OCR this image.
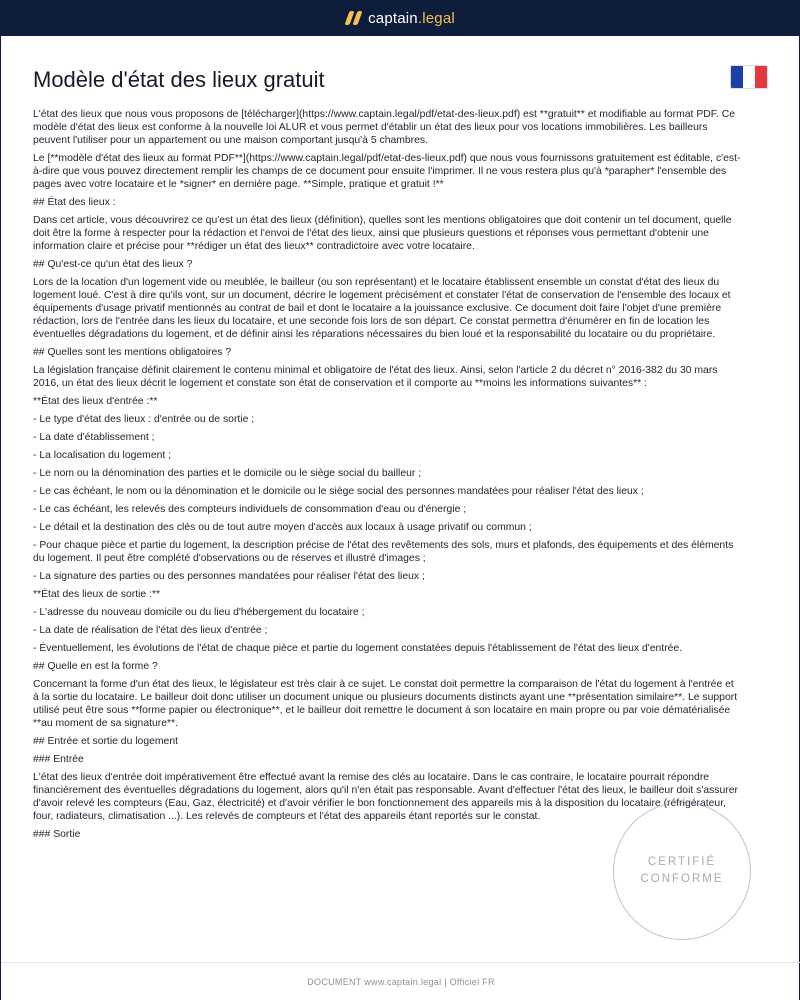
captain.legal
Modèle d'état des lieux gratuit

L'état des lieux que nous vous proposons de [télécharger](https://www.captain.legal/pdf/etat-des-lieux.pdf) est **gratuit** et modifiable au format PDF. Ce modèle d'état des lieux est conforme à la nouvelle loi ALUR et vous permet d'établir un état des lieux pour vos locations immobilières. Les bailleurs peuvent l'utiliser pour un appartement ou une maison comportant jusqu'à 5 chambres.

Le [**modèle d'état des lieux au format PDF**](https://www.captain.legal/pdf/etat-des-lieux.pdf) que nous vous fournissons gratuitement est éditable, c'est-à-dire que vous pouvez directement remplir les champs de ce document pour ensuite l'imprimer. Il ne vous restera plus qu'à *parapher* l'ensemble des pages avec votre locataire et le *signer* en dernière page. **Simple, pratique et gratuit !**

## État des lieux :

Dans cet article, vous découvrirez ce qu'est un état des lieux (définition), quelles sont les mentions obligatoires que doit contenir un tel document, quelle doit être la forme à respecter pour la rédaction et l'envoi de l'état des lieux, ainsi que plusieurs questions et réponses vous permettant d'obtenir une information claire et précise pour **rédiger un état des lieux** contradictoire avec votre locataire.

## Qu'est-ce qu'un état des lieux ?

Lors de la location d'un logement vide ou meublée, le bailleur (ou son représentant) et le locataire établissent ensemble un constat d'état des lieux du logement loué. C'est à dire qu'ils vont, sur un document, décrire le logement précisément et constater l'état de conservation de l'ensemble des locaux et équipements d'usage privatif mentionnés au contrat de bail et dont le locataire a la jouissance exclusive. Ce document doit faire l'objet d'une première rédaction, lors de l'entrée dans les lieux du locataire, et une seconde fois lors de son départ. Ce constat permettra d'énumérer en fin de location les éventuelles dégradations du logement, et de définir ainsi les réparations nécessaires du bien loué et la responsabilité du locataire ou du propriétaire.

## Quelles sont les mentions obligatoires ?

La législation française définit clairement le contenu minimal et obligatoire de l'état des lieux. Ainsi, selon l'article 2 du décret n° 2016-382 du 30 mars 2016, un état des lieux décrit le logement et constate son état de conservation et il comporte au **moins les informations suivantes** :

**État des lieux d'entrée :**

- Le type d'état des lieux : d'entrée ou de sortie ;

- La date d'établissement ;

- La localisation du logement ;

- Le nom ou la dénomination des parties et le domicile ou le siège social du bailleur ;

- Le cas échéant, le nom ou la dénomination et le domicile ou le siège social des personnes mandatées pour réaliser l'état des lieux ;

- Le cas échéant, les relevés des compteurs individuels de consommation d'eau ou d'énergie ;

- Le détail et la destination des clés ou de tout autre moyen d'accès aux locaux à usage privatif ou commun ;

- Pour chaque pièce et partie du logement, la description précise de l'état des revêtements des sols, murs et plafonds, des équipements et des éléments du logement. Il peut être complété d'observations ou de réserves et illustré d'images ;

- La signature des parties ou des personnes mandatées pour réaliser l'état des lieux ;

**État des lieux de sortie :**

- L'adresse du nouveau domicile ou du lieu d'hébergement du locataire ;

- La date de réalisation de l'état des lieux d'entrée ;

- Éventuellement, les évolutions de l'état de chaque pièce et partie du logement constatées depuis l'établissement de l'état des lieux d'entrée.

## Quelle en est la forme ?

Concernant la forme d'un état des lieux, le législateur est très clair à ce sujet. Le constat doit permettre la comparaison de l'état du logement à l'entrée et à la sortie du locataire. Le bailleur doit donc utiliser un document unique ou plusieurs documents distincts ayant une **présentation similaire**. Le support utilisé peut être sous **forme papier ou électronique**, et le bailleur doit remettre le document à son locataire en main propre ou par voie dématérialisée **au moment de sa signature**.

## Entrée et sortie du logement

### Entrée

L'état des lieux d'entrée doit impérativement être effectué avant la remise des clés au locataire. Dans le cas contraire, le locataire pourrait répondre financièrement des éventuelles dégradations du logement, alors qu'il n'en était pas responsable. Avant d'effectuer l'état des lieux, le bailleur doit s'assurer d'avoir relevé les compteurs (Eau, Gaz, électricité) et d'avoir vérifier le bon fonctionnement des appareils mis à la disposition du locataire (réfrigérateur, four, radiateurs, climatisation ...). Les relevés de compteurs et l'état des appareils étant reportés sur le constat.

### Sortie

CERTIFIÉ
CONFORME
DOCUMENT www.captain.legal | Officiel FR
